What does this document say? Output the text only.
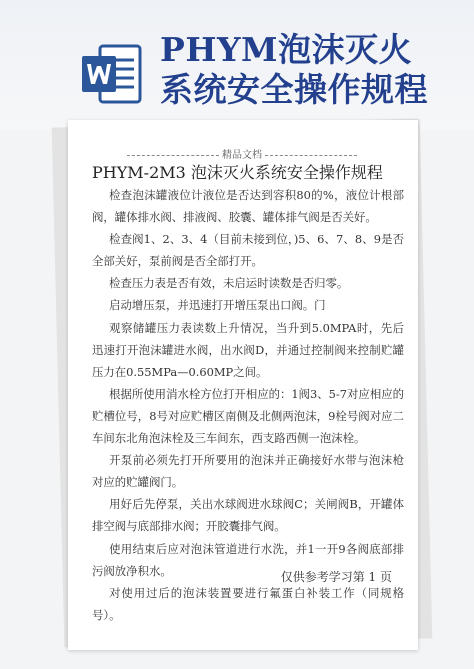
PHYM泡沫灭火
系统安全操作规程
精品文档
PHYM-2M3 泡沫灭火系统安全操作规程

检查泡沫罐液位计液位是否达到容积80的%，液位计根部阀，罐体排水阀、排液阀、胶囊、罐体排气阀是否关好。

检查阀1、2、3、4（目前未接到位，)5、6、7、8、9是否全部关好，泵前阀是否全部打开。

检查压力表是否有效，未启运时读数是否归零。

启动增压泵，并迅速打开增压泵出口阀。门

观察储罐压力表读数上升情况，当升到5.0MPA时，先后迅速打开泡沫罐进水阀，出水阀D，并通过控制阀来控制贮罐压力在0.55MPa—0.60MP之间。

根据所使用消水栓方位打开相应的：1阀3、5-7对应相应的贮槽位号，8号对应贮槽区南侧及北侧两泡沫，9栓号阀对应二车间东北角泡沫栓及三车间东，西支路西侧一泡沫栓。

开泵前必须先打开所要用的泡沫并正确接好水带与泡沫枪对应的贮罐阀门。

用好后先停泵，关出水球阀进水球阀C；关闸阀B，开罐体排空阀与底部排水阀；开胶囊排气阀。

使用结束后应对泡沫管道进行水洗，并1一开9各阀底部排污阀放净积水。

对使用过后的泡沫装置要进行氟蛋白补装工作（同规格号）。

仅供参考学习第 1 页
